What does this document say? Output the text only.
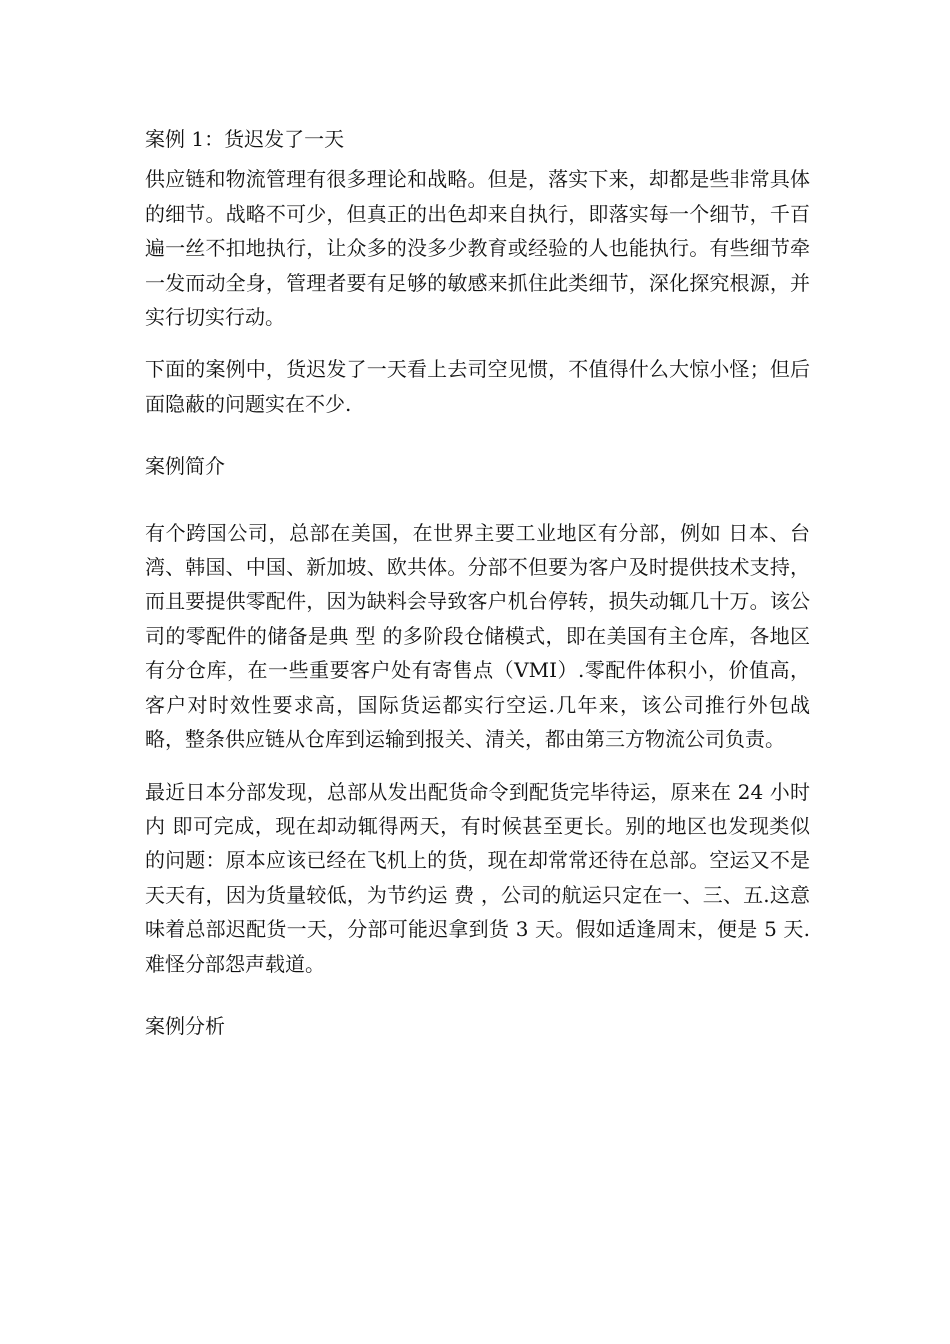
案例 1：货迟发了一天

供应链和物流管理有很多理论和战略。但是，落实下来，却都是些非常具体的细节。战略不可少，但真正的出色却来自执行，即落实每一个细节，千百遍一丝不扣地执行，让众多的没多少教育或经验的人也能执行。有些细节牵一发而动全身，管理者要有足够的敏感来抓住此类细节，深化探究根源，并实行切实行动。

下面的案例中，货迟发了一天看上去司空见惯，不值得什么大惊小怪；但后面隐蔽的问题实在不少.

案例简介

有个跨国公司，总部在美国，在世界主要工业地区有分部，例如 日本、台湾、韩国、中国、新加坡、欧共体。分部不但要为客户及时提供技术支持，而且要提供零配件，因为缺料会导致客户机台停转，损失动辄几十万。该公司的零配件的储备是典 型 的多阶段仓储模式，即在美国有主仓库，各地区有分仓库，在一些重要客户处有寄售点（VMI）.零配件体积小，价值高，客户对时效性要求高，国际货运都实行空运.几年来，该公司推行外包战略，整条供应链从仓库到运输到报关、清关，都由第三方物流公司负责。

最近日本分部发现，总部从发出配货命令到配货完毕待运，原来在 24 小时 内 即可完成，现在却动辄得两天，有时候甚至更长。别的地区也发现类似的问题：原本应该已经在飞机上的货，现在却常常还待在总部。空运又不是天天有，因为货量较低，为节约运 费 ，公司的航运只定在一、三、五.这意味着总部迟配货一天，分部可能迟拿到货 3 天。假如适逢周末，便是 5 天.难怪分部怨声载道。

案例分析
